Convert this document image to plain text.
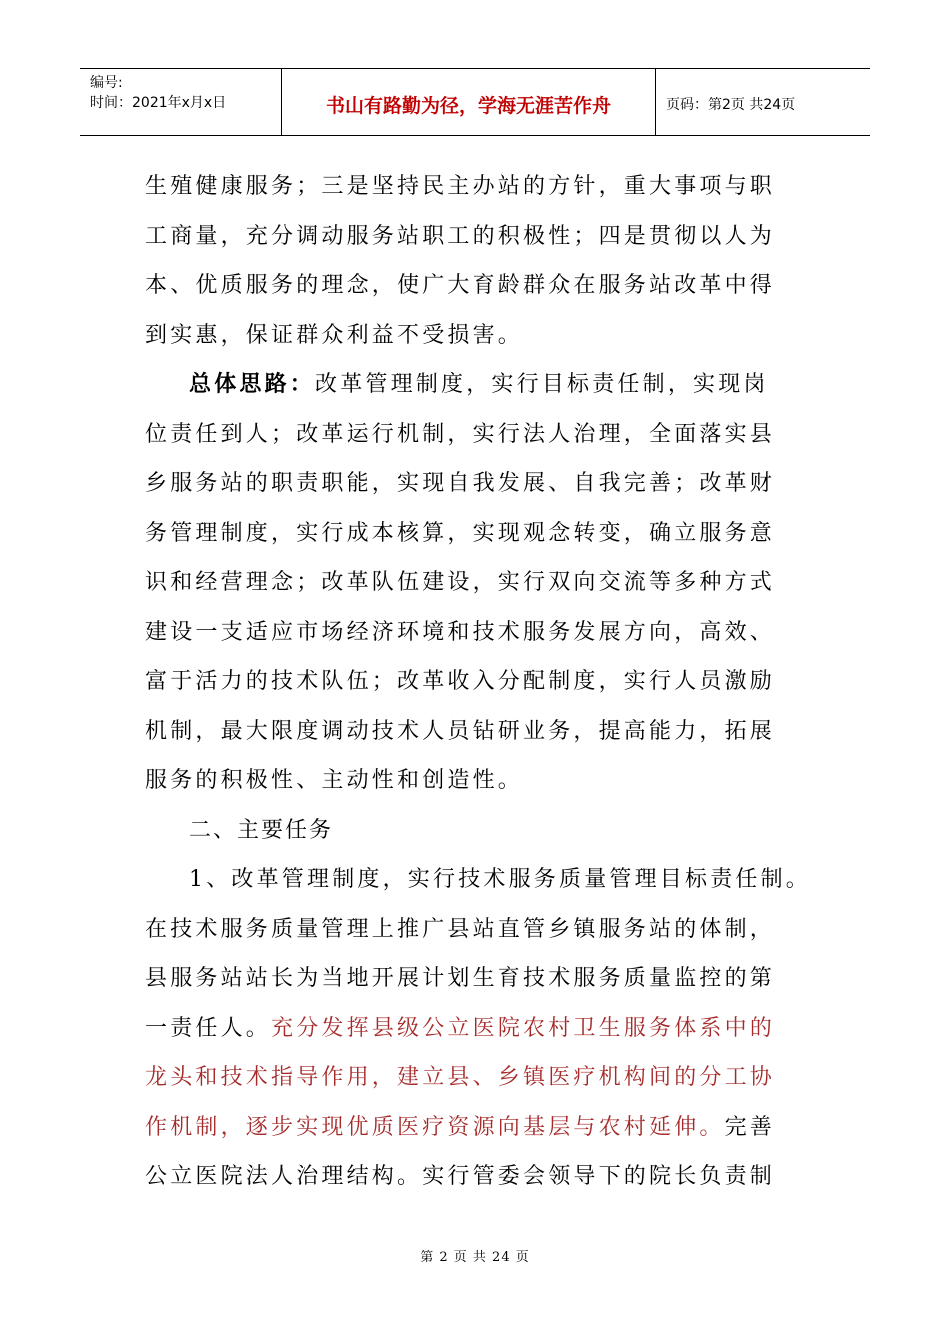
编号:
时间：2021年x月x日	书山有路勤为径，学海无涯苦作舟	页码：第2页 共24页
生殖健康服务；三是坚持民主办站的方针，重大事项与职
工商量，充分调动服务站职工的积极性；四是贯彻以人为
本、优质服务的理念，使广大育龄群众在服务站改革中得
到实惠，保证群众利益不受损害。
总体思路：改革管理制度，实行目标责任制，实现岗
位责任到人；改革运行机制，实行法人治理，全面落实县
乡服务站的职责职能，实现自我发展、自我完善；改革财
务管理制度，实行成本核算，实现观念转变，确立服务意
识和经营理念；改革队伍建设，实行双向交流等多种方式
建设一支适应市场经济环境和技术服务发展方向，高效、
富于活力的技术队伍；改革收入分配制度，实行人员激励
机制，最大限度调动技术人员钻研业务，提高能力，拓展
服务的积极性、主动性和创造性。
二、主要任务
1、改革管理制度，实行技术服务质量管理目标责任制。
在技术服务质量管理上推广县站直管乡镇服务站的体制，
县服务站站长为当地开展计划生育技术服务质量监控的第
一责任人。充分发挥县级公立医院农村卫生服务体系中的
龙头和技术指导作用，建立县、乡镇医疗机构间的分工协
作机制，逐步实现优质医疗资源向基层与农村延伸。完善
公立医院法人治理结构。实行管委会领导下的院长负责制
第 2 页 共 24 页
